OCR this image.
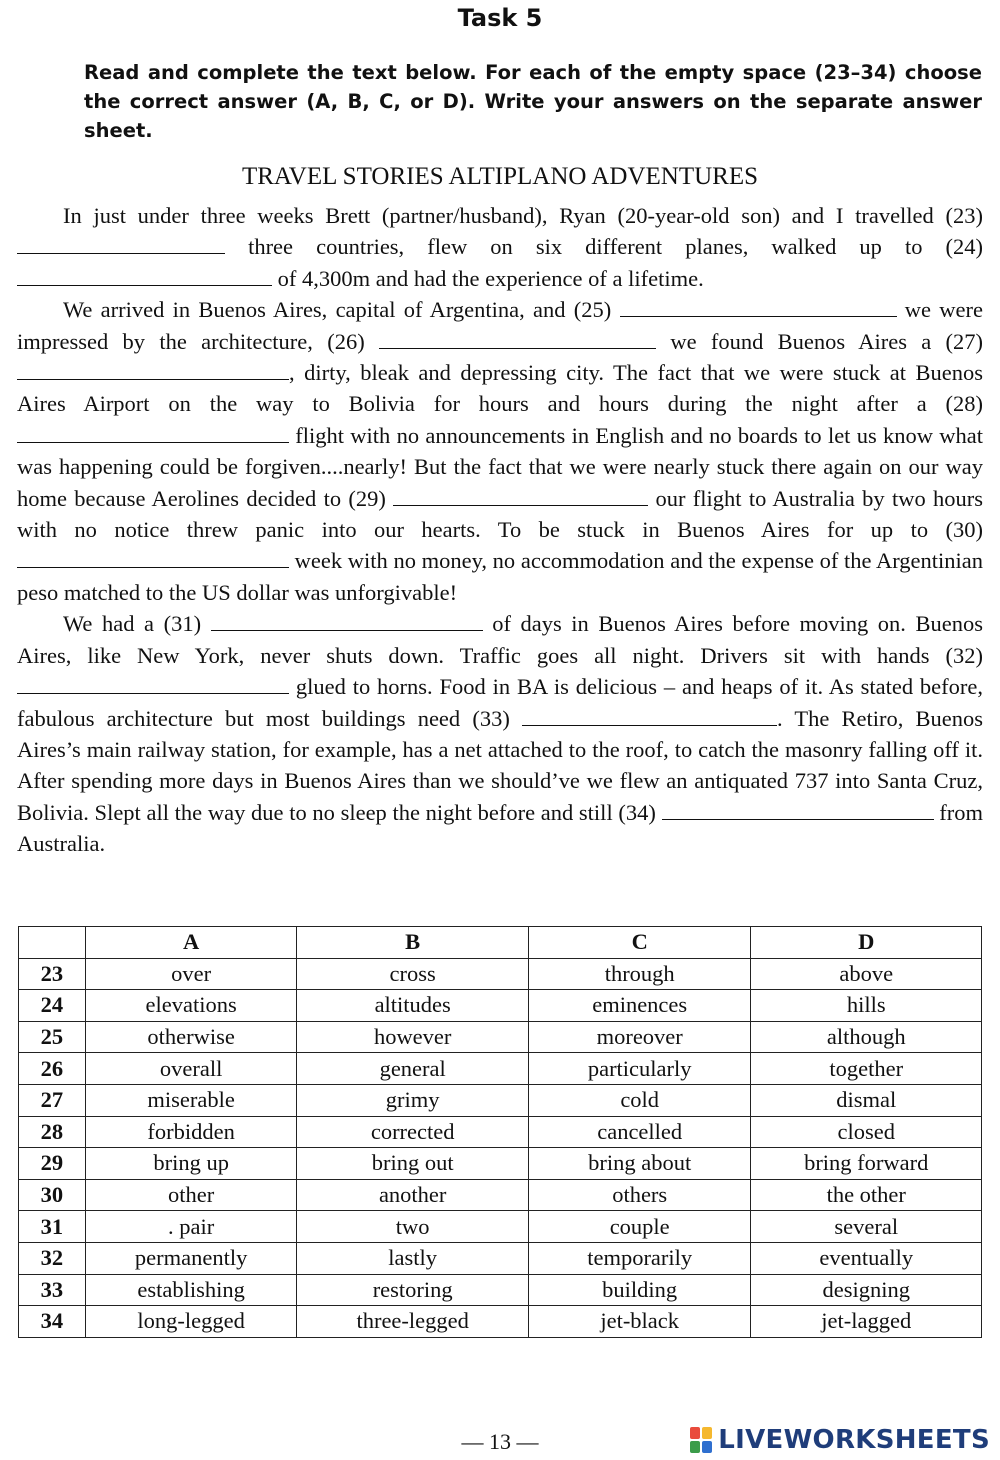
Task 5
Read and complete the text below. For each of the empty space (23–34) choose the correct answer (A, B, C, or D). Write your answers on the separate answer sheet.
TRAVEL STORIES ALTIPLANO ADVENTURES

In just under three weeks Brett (partner/husband), Ryan (20-year-old son) and I travelled (23)  three countries, flew on six different planes, walked up to (24)  of 4,300m and had the experience of a lifetime.

We arrived in Buenos Aires, capital of Argentina, and (25)	we were impressed by the architecture, (26)	we found Buenos Aires a (27) , dirty, bleak and depressing city. The fact that we were stuck at Buenos Aires Airport on the way to Bolivia for hours and hours during the night after a (28)  flight with no announcements in English and no boards to let us know what was happening could be forgiven....nearly! But the fact that we were nearly stuck there again on our way home because Aerolines decided to (29)	our flight to Australia by two hours with no notice threw panic into our hearts. To be stuck in Buenos Aires for up to (30)  week with no money, no accommodation and the expense of the Argentinian peso matched to the US dollar was unforgivable!

We had a (31)	of days in Buenos Aires before moving on. Buenos Aires, like New York, never shuts down. Traffic goes all night. Drivers sit with hands (32)  glued to horns. Food in BA is delicious – and heaps of it. As stated before, fabulous architecture but most buildings need (33)	. The Retiro, Buenos Aires’s main railway station, for example, has a net attached to the roof, to catch the masonry falling off it. After spending more days in Buenos Aires than we should’ve we flew an antiquated 737 into Santa Cruz, Bolivia. Slept all the way due to no sleep the night before and still (34)	from Australia.

	A	B	C	D
23	over	cross	through	above
24	elevations	altitudes	eminences	hills
25	otherwise	however	moreover	although
26	overall	general	particularly	together
27	miserable	grimy	cold	dismal
28	forbidden	corrected	cancelled	closed
29	bring up	bring out	bring about	bring forward
30	other	another	others	the other
31	. pair	two	couple	several
32	permanently	lastly	temporarily	eventually
33	establishing	restoring	building	designing
34	long-legged	three-legged	jet-black	jet-lagged
— 13 —	LIVEWORKSHEETS
